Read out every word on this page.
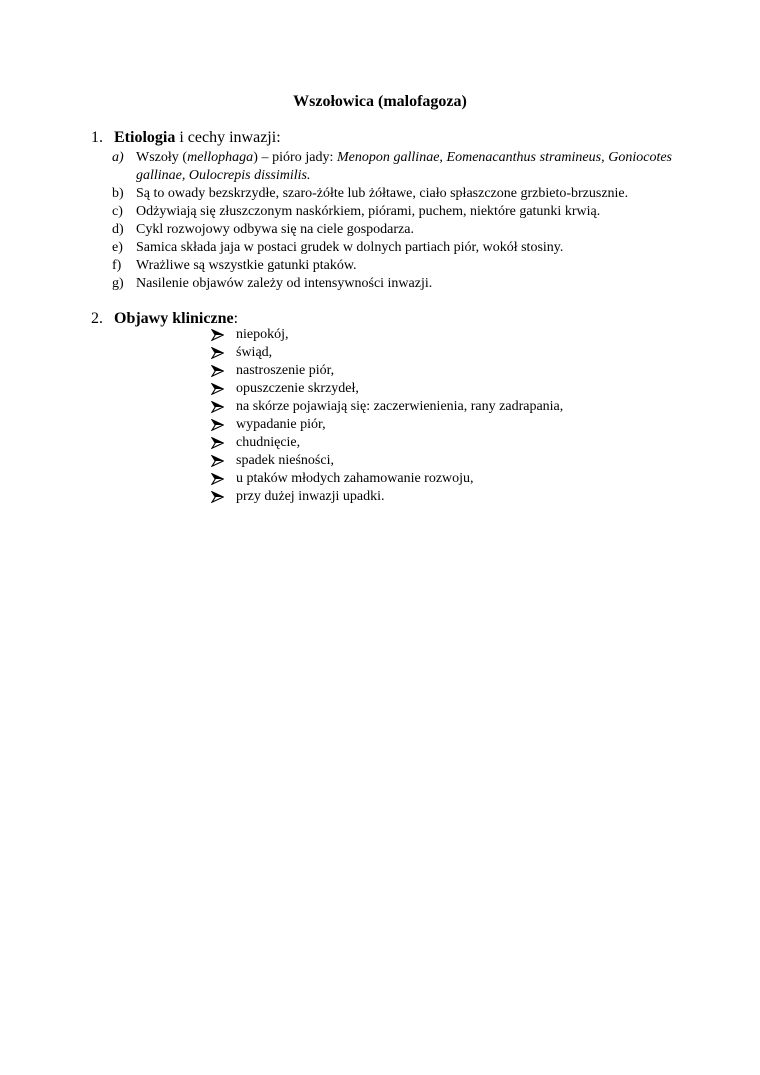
Wszołowica (malofagoza)
1. Etiologia i cechy inwazji:
a) Wszoły (mellophaga) – pióro jady: Menopon gallinae, Eomenacanthus stramineus, Goniocotes gallinae, Oulocrepis dissimilis.
b) Są to owady bezskrzydłe, szaro-żółte lub żółtawe, ciało spłaszczone grzbieto-brzusznie.
c) Odżywiają się złuszczonym naskórkiem, piórami, puchem, niektóre gatunki krwią.
d) Cykl rozwojowy odbywa się na ciele gospodarza.
e) Samica składa jaja w postaci grudek w dolnych partiach piór, wokół stosiny.
f) Wrażliwe są wszystkie gatunki ptaków.
g) Nasilenie objawów zależy od intensywności inwazji.
2. Objawy kliniczne:
niepokój,
świąd,
nastroszenie piór,
opuszczenie skrzydeł,
na skórze pojawiają się: zaczerwienienia, rany zadrapania,
wypadanie piór,
chudnięcie,
spadek nieśności,
u ptaków młodych zahamowanie rozwoju,
przy dużej inwazji upadki.
